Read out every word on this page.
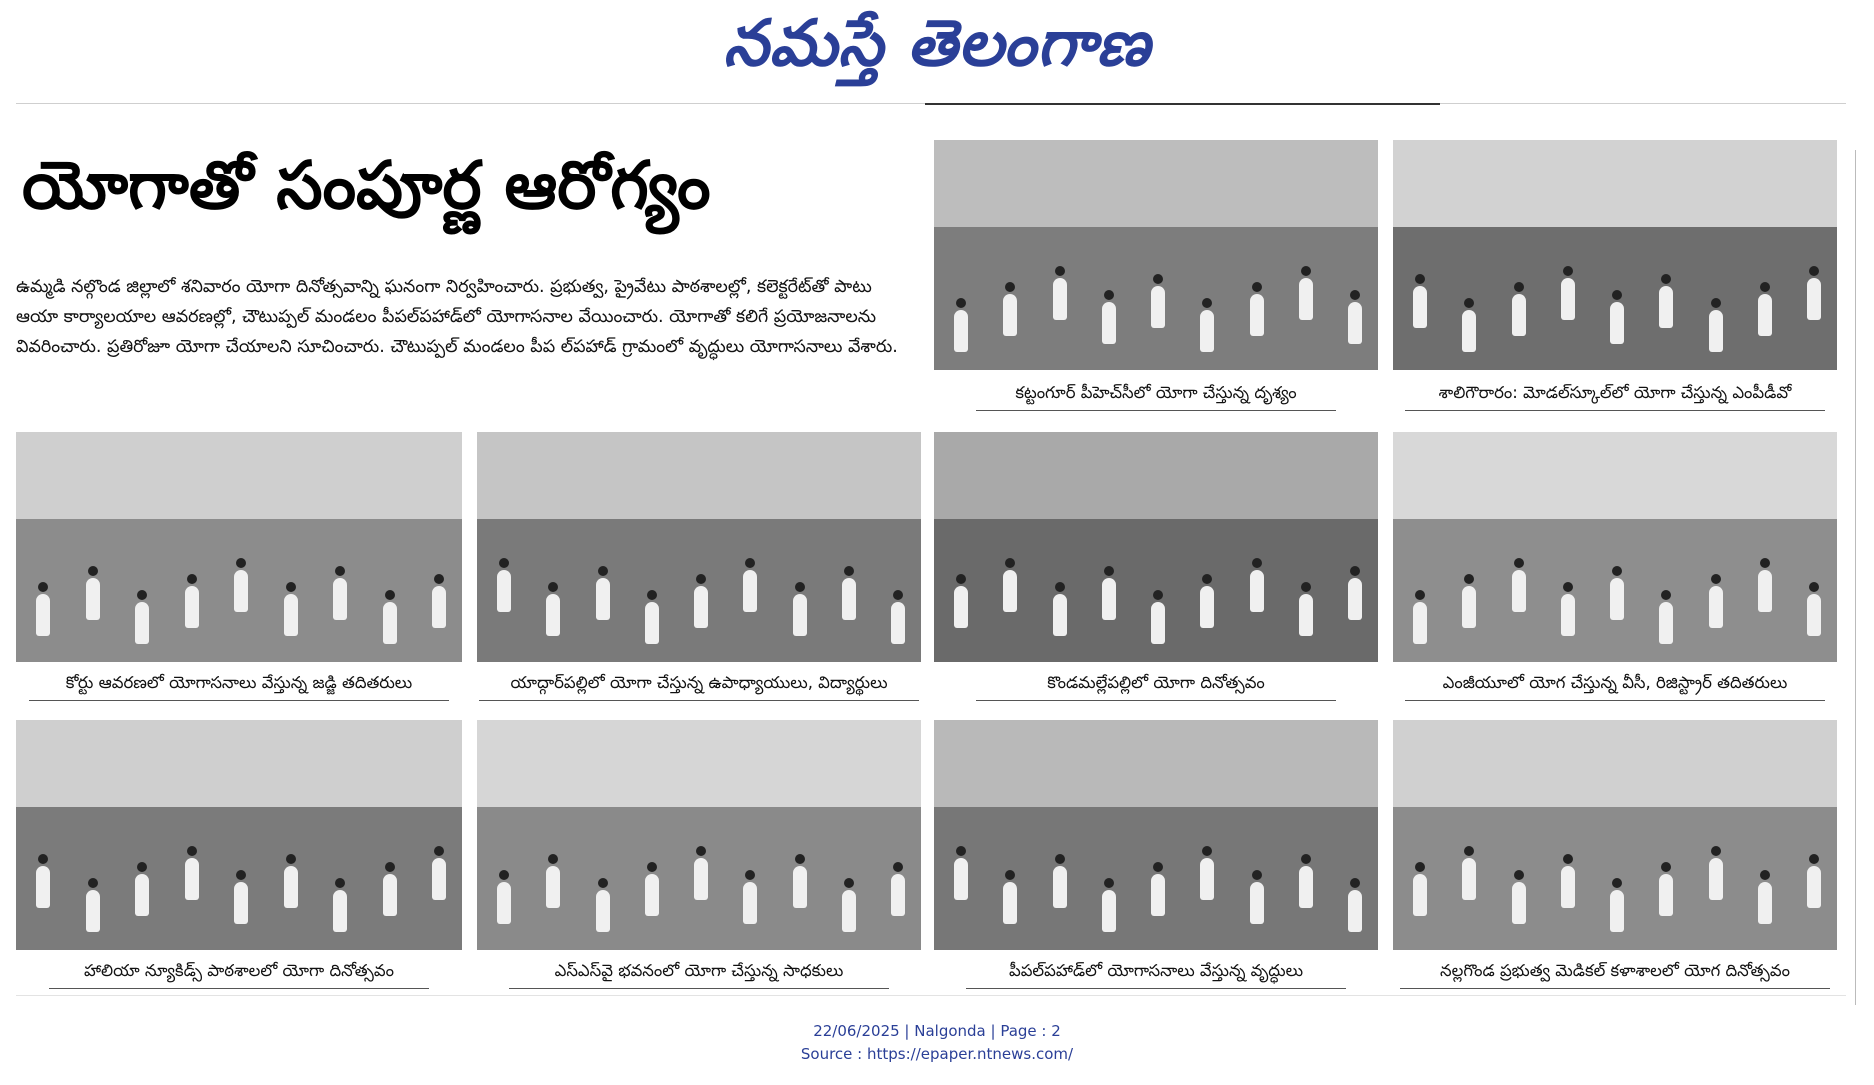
నమస్తే తెలంగాణ
యోగాతో సంపూర్ణ ఆరోగ్యం
ఉమ్మడి నల్గొండ జిల్లాలో శనివారం యోగా దినోత్సవాన్ని ఘనంగా నిర్వహించారు. ప్రభుత్వ, ప్రైవేటు పాఠశాలల్లో, కలెక్టరేట్‌తో పాటు ఆయా కార్యాలయాల ఆవరణల్లో, చౌటుప్పల్ మండలం పీపల్‌పహాడ్‌లో యోగాసనాల వేయించారు. యోగాతో కలిగే ప్రయోజనాలను వివరించారు. ప్రతిరోజూ యోగా చేయాలని సూచించారు. చౌటుప్పల్ మండలం పీప ల్‌పహాడ్ గ్రామంలో వృద్ధులు యోగాసనాలు వేశారు.
కట్టంగూర్ పీహెచ్‌సీలో యోగా చేస్తున్న దృశ్యం	శాలిగౌరారం: మోడల్‌స్కూల్‌లో యోగా చేస్తున్న ఎంపీడీవో
కోర్టు ఆవరణలో యోగాసనాలు వేస్తున్న జడ్జి తదితరులు	యాద్గార్‌పల్లిలో యోగా చేస్తున్న ఉపాధ్యాయులు, విద్యార్థులు	కొండమల్లేపల్లిలో యోగా దినోత్సవం	ఎంజీయూలో యోగ చేస్తున్న వీసీ, రిజిస్ట్రార్ తదితరులు
హాలియా న్యూకిడ్స్ పాఠశాలలో యోగా దినోత్సవం	ఎస్ఎస్‌వై భవనంలో యోగా చేస్తున్న సాధకులు	పీపల్‌పహాడ్‌లో యోగాసనాలు వేస్తున్న వృద్ధులు	నల్లగొండ ప్రభుత్వ మెడికల్ కళాశాలలో యోగ దినోత్సవం
22/06/2025 | Nalgonda | Page : 2
Source : https://epaper.ntnews.com/
